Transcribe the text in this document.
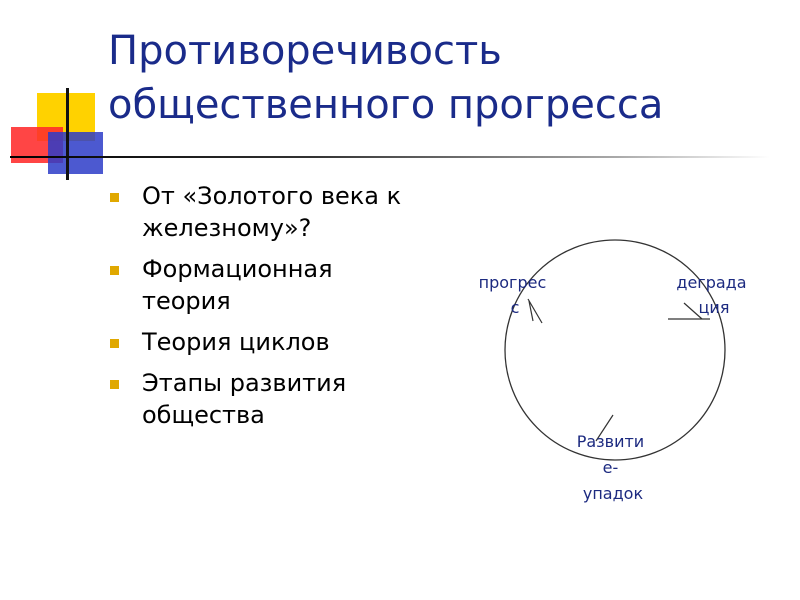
Противоречивость
общественного прогресса
От «Золотого века к железному»?
Формационная теория
Теория циклов
Этапы развития общества
прогрес с
деграда ция
Развити е- упадок
